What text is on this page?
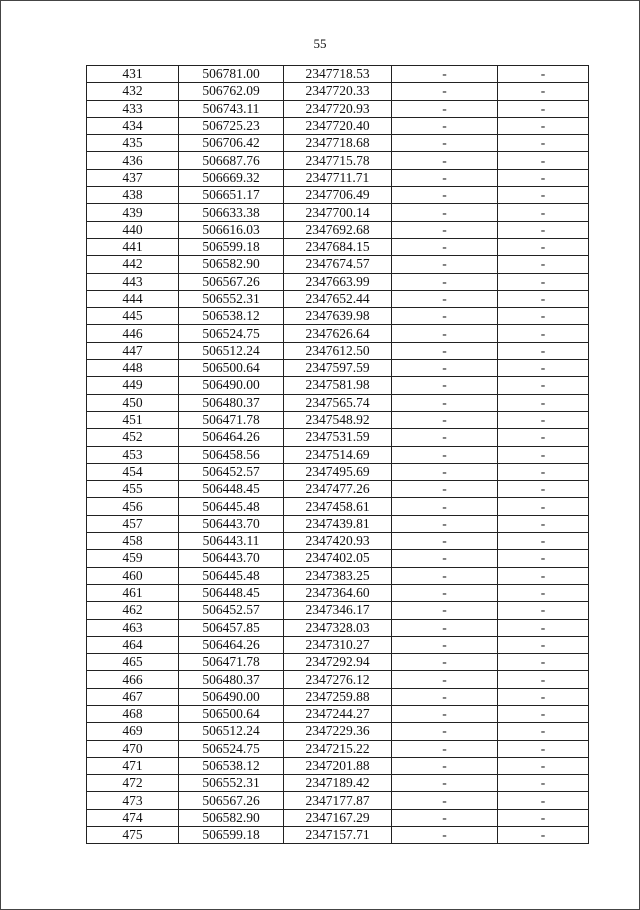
55
431	506781.00	2347718.53	-	-
432	506762.09	2347720.33	-	-
433	506743.11	2347720.93	-	-
434	506725.23	2347720.40	-	-
435	506706.42	2347718.68	-	-
436	506687.76	2347715.78	-	-
437	506669.32	2347711.71	-	-
438	506651.17	2347706.49	-	-
439	506633.38	2347700.14	-	-
440	506616.03	2347692.68	-	-
441	506599.18	2347684.15	-	-
442	506582.90	2347674.57	-	-
443	506567.26	2347663.99	-	-
444	506552.31	2347652.44	-	-
445	506538.12	2347639.98	-	-
446	506524.75	2347626.64	-	-
447	506512.24	2347612.50	-	-
448	506500.64	2347597.59	-	-
449	506490.00	2347581.98	-	-
450	506480.37	2347565.74	-	-
451	506471.78	2347548.92	-	-
452	506464.26	2347531.59	-	-
453	506458.56	2347514.69	-	-
454	506452.57	2347495.69	-	-
455	506448.45	2347477.26	-	-
456	506445.48	2347458.61	-	-
457	506443.70	2347439.81	-	-
458	506443.11	2347420.93	-	-
459	506443.70	2347402.05	-	-
460	506445.48	2347383.25	-	-
461	506448.45	2347364.60	-	-
462	506452.57	2347346.17	-	-
463	506457.85	2347328.03	-	-
464	506464.26	2347310.27	-	-
465	506471.78	2347292.94	-	-
466	506480.37	2347276.12	-	-
467	506490.00	2347259.88	-	-
468	506500.64	2347244.27	-	-
469	506512.24	2347229.36	-	-
470	506524.75	2347215.22	-	-
471	506538.12	2347201.88	-	-
472	506552.31	2347189.42	-	-
473	506567.26	2347177.87	-	-
474	506582.90	2347167.29	-	-
475	506599.18	2347157.71	-	-
